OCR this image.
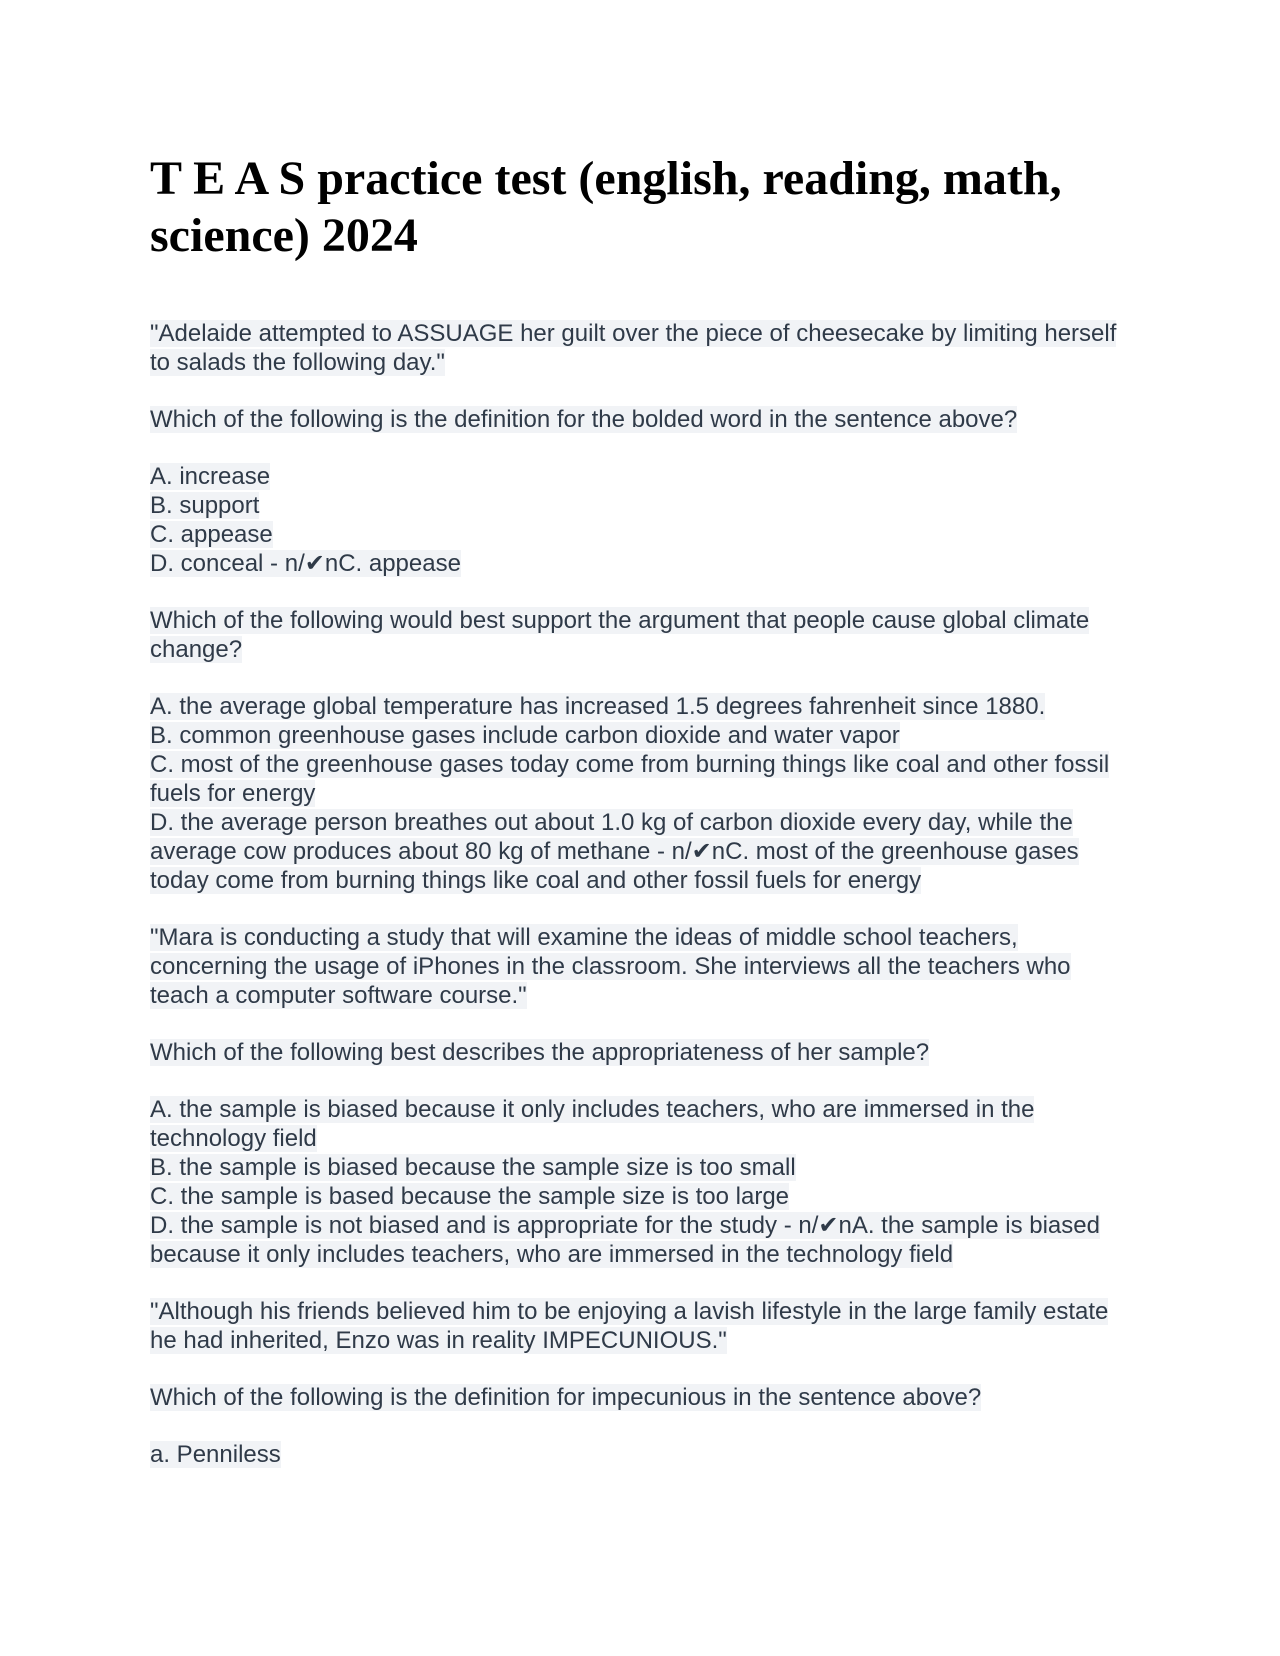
T E A S practice test (english, reading, math, science) 2024
"Adelaide attempted to ASSUAGE her guilt over the piece of cheesecake by limiting herself to salads the following day."
Which of the following is the definition for the bolded word in the sentence above?
A. increase
B. support
C. appease
D. conceal - n/✔nC. appease
Which of the following would best support the argument that people cause global climate change?
A. the average global temperature has increased 1.5 degrees fahrenheit since 1880.
B. common greenhouse gases include carbon dioxide and water vapor
C. most of the greenhouse gases today come from burning things like coal and other fossil fuels for energy
D. the average person breathes out about 1.0 kg of carbon dioxide every day, while the average cow produces about 80 kg of methane - n/✔nC. most of the greenhouse gases today come from burning things like coal and other fossil fuels for energy
"Mara is conducting a study that will examine the ideas of middle school teachers, concerning the usage of iPhones in the classroom. She interviews all the teachers who teach a computer software course."
Which of the following best describes the appropriateness of her sample?
A. the sample is biased because it only includes teachers, who are immersed in the technology field
B. the sample is biased because the sample size is too small
C. the sample is based because the sample size is too large
D. the sample is not biased and is appropriate for the study - n/✔nA. the sample is biased because it only includes teachers, who are immersed in the technology field
"Although his friends believed him to be enjoying a lavish lifestyle in the large family estate he had inherited, Enzo was in reality IMPECUNIOUS."
Which of the following is the definition for impecunious in the sentence above?
a. Penniless
